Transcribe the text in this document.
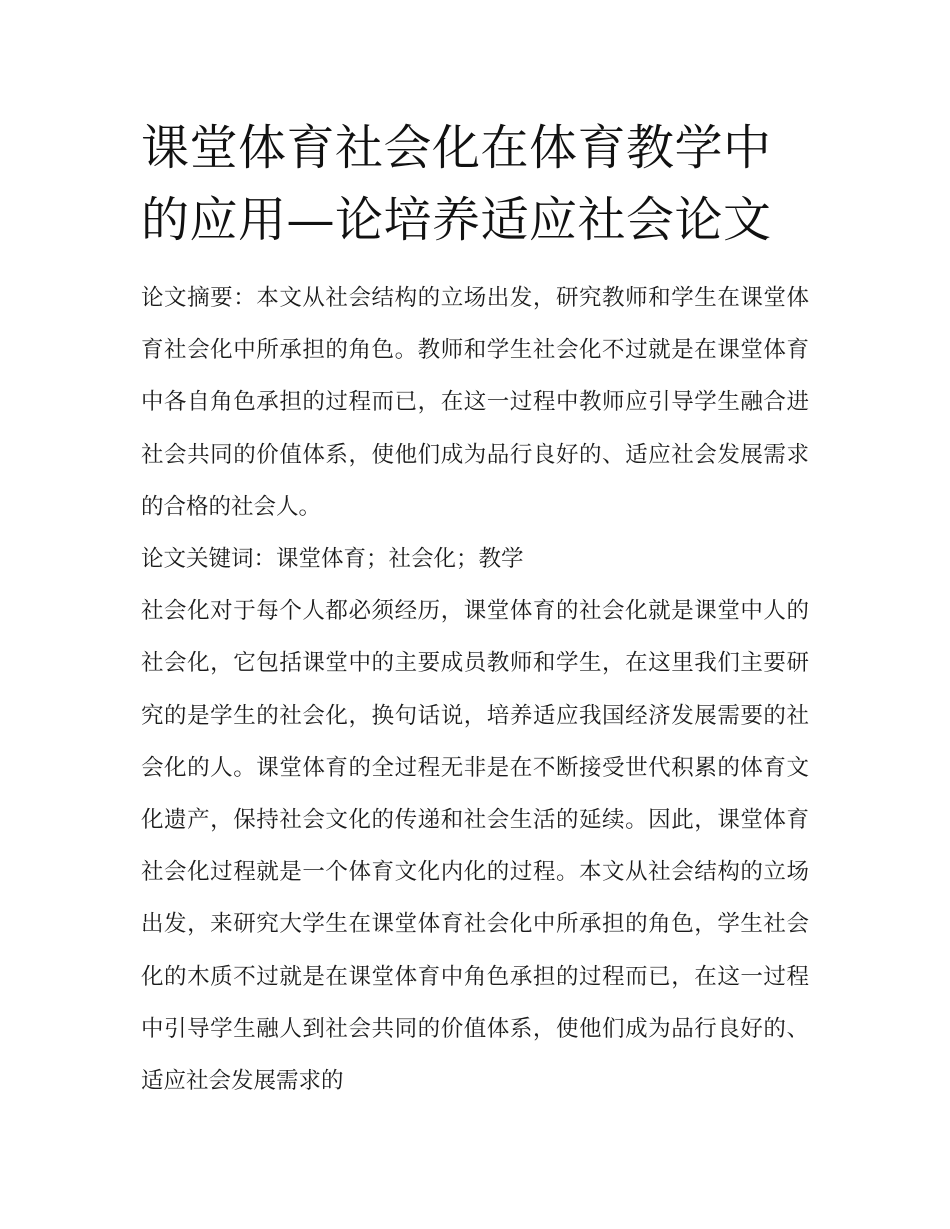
课堂体育社会化在体育教学中
的应用—论培养适应社会论文

论文摘要：本文从社会结构的立场出发，研究教师和学生在课堂体育社会化中所承担的角色。教师和学生社会化不过就是在课堂体育中各自角色承担的过程而已，在这一过程中教师应引导学生融合进社会共同的价值体系，使他们成为品行良好的、适应社会发展需求的合格的社会人。

论文关键词：课堂体育；社会化；教学

社会化对于每个人都必须经历，课堂体育的社会化就是课堂中人的社会化，它包括课堂中的主要成员教师和学生，在这里我们主要研究的是学生的社会化，换句话说，培养适应我国经济发展需要的社会化的人。课堂体育的全过程无非是在不断接受世代积累的体育文化遗产，保持社会文化的传递和社会生活的延续。因此，课堂体育社会化过程就是一个体育文化内化的过程。本文从社会结构的立场出发，来研究大学生在课堂体育社会化中所承担的角色，学生社会化的木质不过就是在课堂体育中角色承担的过程而已，在这一过程中引导学生融人到社会共同的价值体系，使他们成为品行良好的、适应社会发展需求的
